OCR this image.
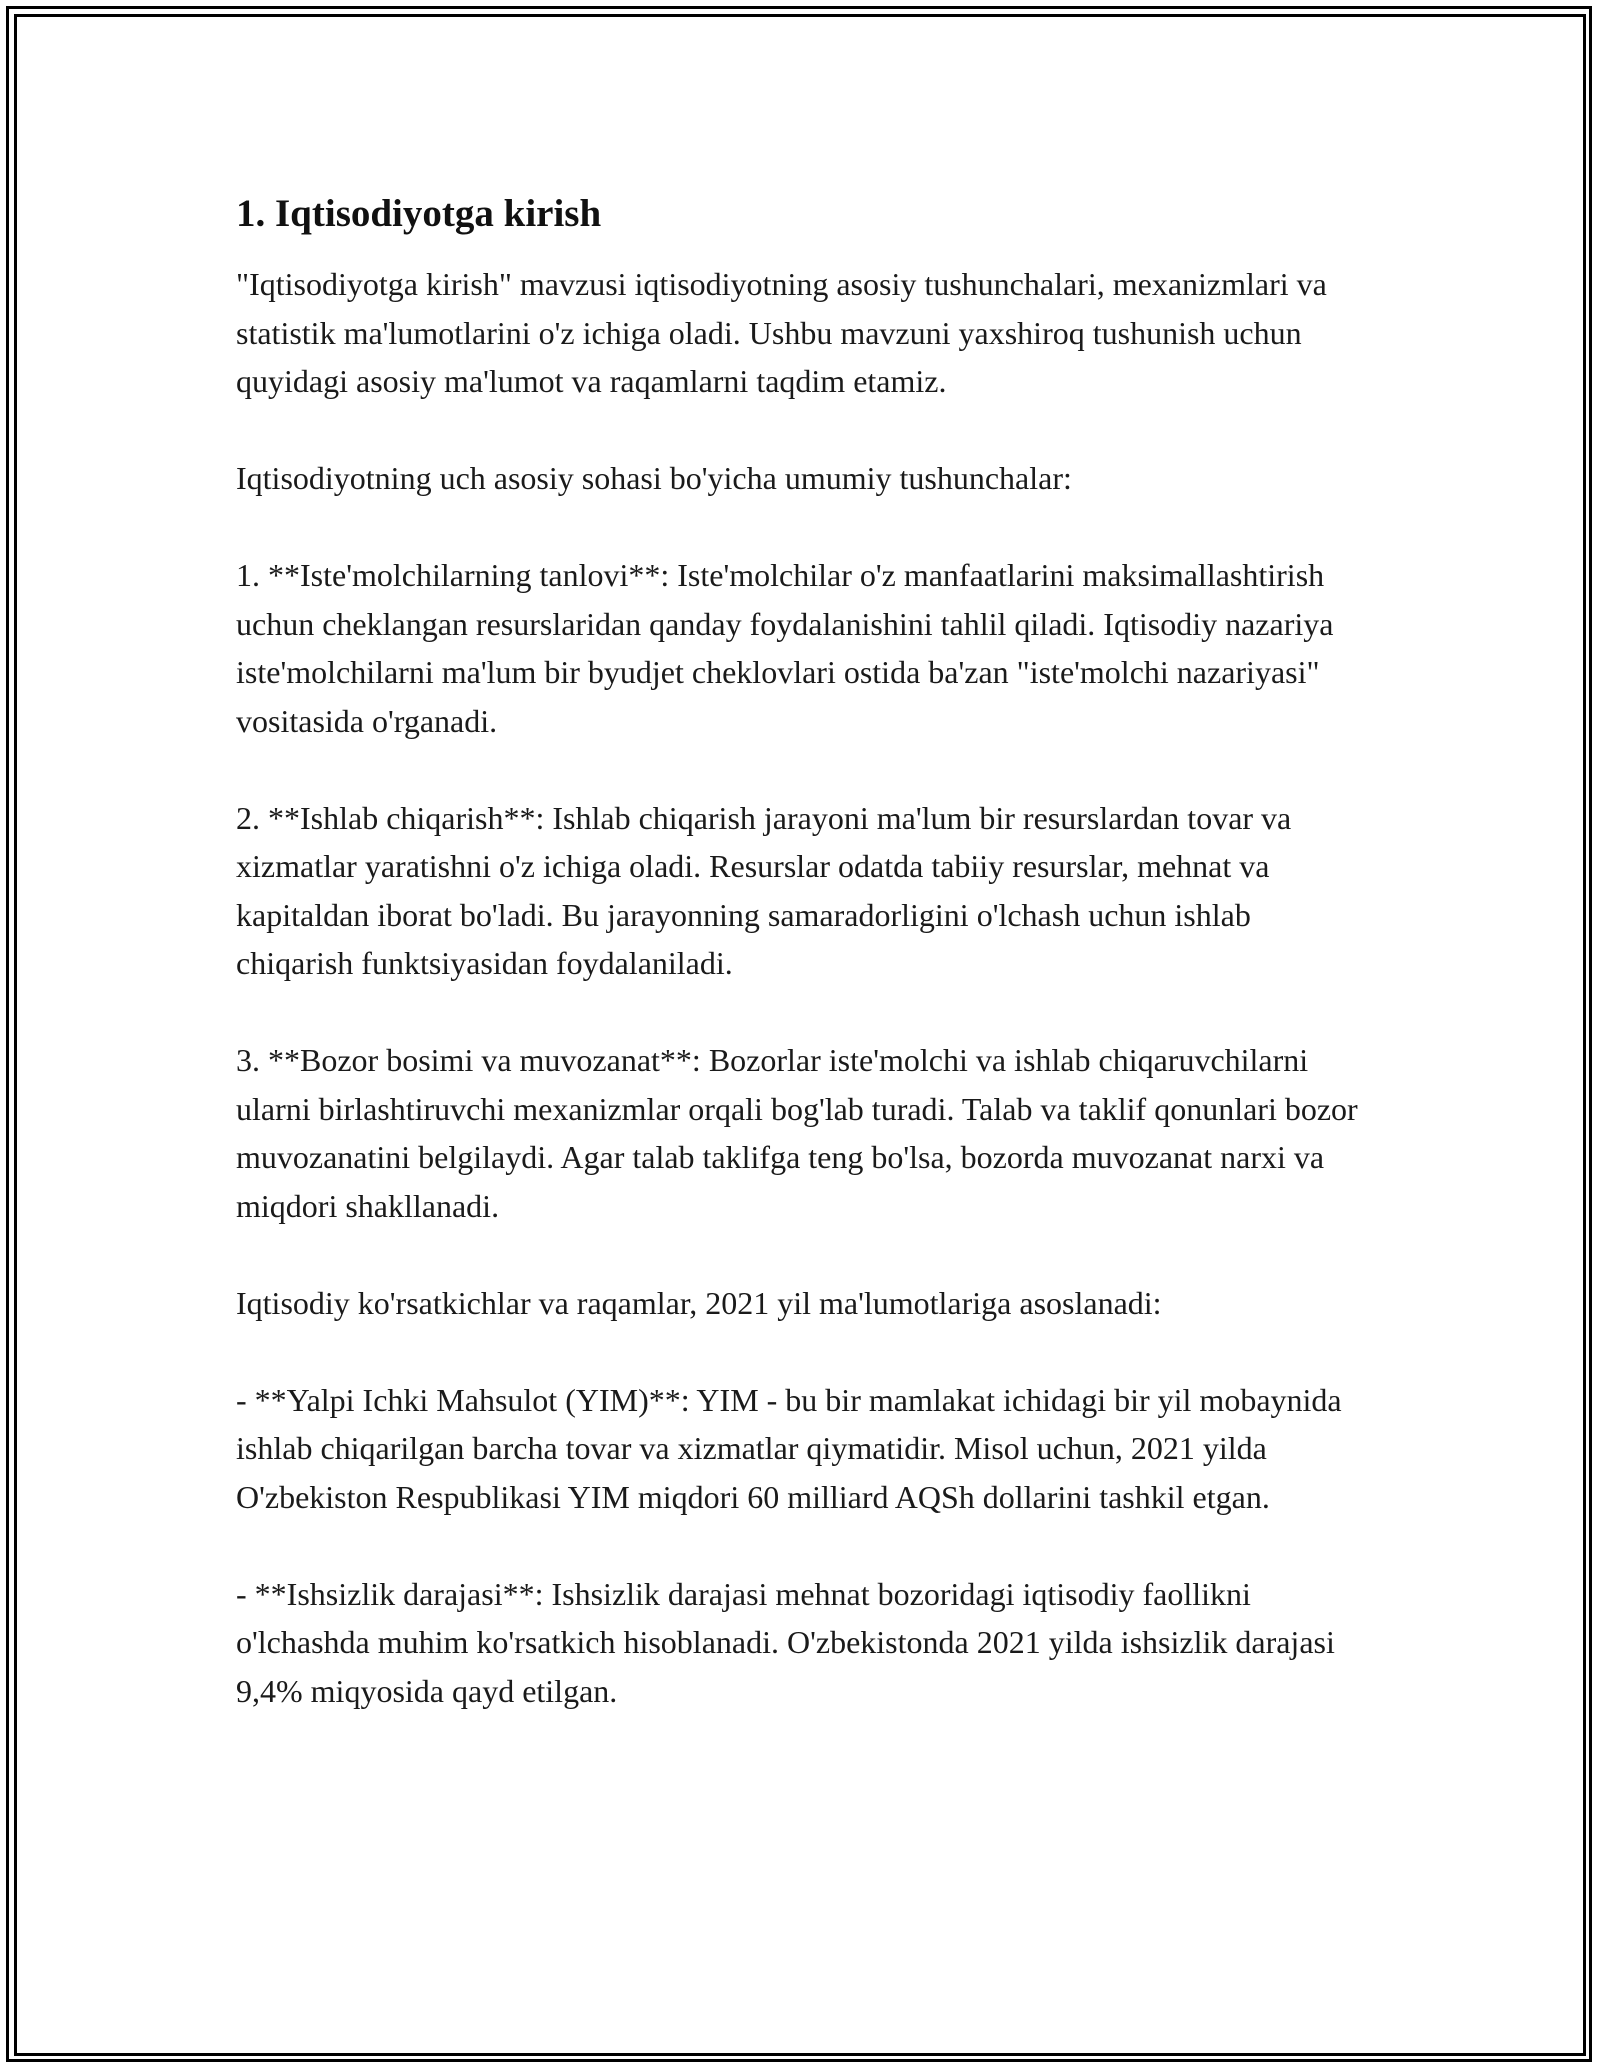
1. Iqtisodiyotga kirish

"Iqtisodiyotga kirish" mavzusi iqtisodiyotning asosiy tushunchalari, mexanizmlari va statistik ma'lumotlarini o'z ichiga oladi. Ushbu mavzuni yaxshiroq tushunish uchun quyidagi asosiy ma'lumot va raqamlarni taqdim etamiz.

Iqtisodiyotning uch asosiy sohasi bo'yicha umumiy tushunchalar:

1. **Iste'molchilarning tanlovi**: Iste'molchilar o'z manfaatlarini maksimallashtirish uchun cheklangan resurslaridan qanday foydalanishini tahlil qiladi. Iqtisodiy nazariya iste'molchilarni ma'lum bir byudjet cheklovlari ostida ba'zan "iste'molchi nazariyasi" vositasida o'rganadi.

2. **Ishlab chiqarish**: Ishlab chiqarish jarayoni ma'lum bir resurslardan tovar va xizmatlar yaratishni o'z ichiga oladi. Resurslar odatda tabiiy resurslar, mehnat va kapitaldan iborat bo'ladi. Bu jarayonning samaradorligini o'lchash uchun ishlab chiqarish funktsiyasidan foydalaniladi.

3. **Bozor bosimi va muvozanat**: Bozorlar iste'molchi va ishlab chiqaruvchilarni ularni birlashtiruvchi mexanizmlar orqali bog'lab turadi. Talab va taklif qonunlari bozor muvozanatini belgilaydi. Agar talab taklifga teng bo'lsa, bozorda muvozanat narxi va miqdori shakllanadi.

Iqtisodiy ko'rsatkichlar va raqamlar, 2021 yil ma'lumotlariga asoslanadi:

- **Yalpi Ichki Mahsulot (YIM)**: YIM - bu bir mamlakat ichidagi bir yil mobaynida ishlab chiqarilgan barcha tovar va xizmatlar qiymatidir. Misol uchun, 2021 yilda O'zbekiston Respublikasi YIM miqdori 60 milliard AQSh dollarini tashkil etgan.

- **Ishsizlik darajasi**: Ishsizlik darajasi mehnat bozoridagi iqtisodiy faollikni o'lchashda muhim ko'rsatkich hisoblanadi. O'zbekistonda 2021 yilda ishsizlik darajasi 9,4% miqyosida qayd etilgan.
